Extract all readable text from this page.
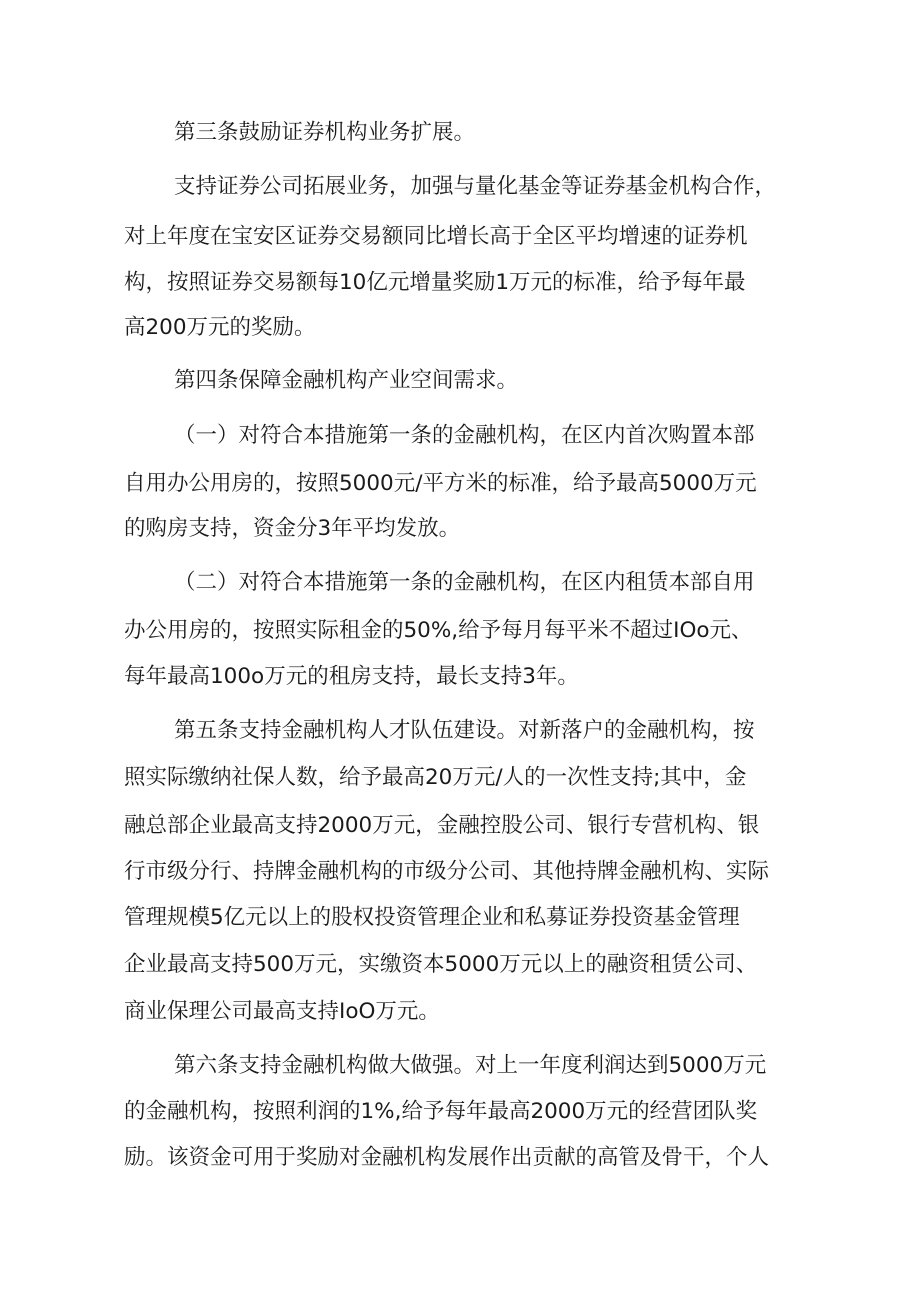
第三条鼓励证券机构业务扩展。

支持证券公司拓展业务，加强与量化基金等证券基金机构合作，

对上年度在宝安区证券交易额同比增长高于全区平均增速的证券机

构，按照证券交易额每10亿元增量奖励1万元的标准，给予每年最

高200万元的奖励。

第四条保障金融机构产业空间需求。

（一）对符合本措施第一条的金融机构，在区内首次购置本部

自用办公用房的，按照5000元/平方米的标准，给予最高5000万元

的购房支持，资金分3年平均发放。

（二）对符合本措施第一条的金融机构，在区内租赁本部自用

办公用房的，按照实际租金的50%,给予每月每平米不超过IOo元、

每年最高100o万元的租房支持，最长支持3年。

第五条支持金融机构人才队伍建设。对新落户的金融机构，按

照实际缴纳社保人数，给予最高20万元/人的一次性支持;其中，金

融总部企业最高支持2000万元，金融控股公司、银行专营机构、银

行市级分行、持牌金融机构的市级分公司、其他持牌金融机构、实际

管理规模5亿元以上的股权投资管理企业和私募证券投资基金管理

企业最高支持500万元，实缴资本5000万元以上的融资租赁公司、

商业保理公司最高支持IoO万元。

第六条支持金融机构做大做强。对上一年度利润达到5000万元

的金融机构，按照利润的1%,给予每年最高2000万元的经营团队奖

励。该资金可用于奖励对金融机构发展作出贡献的高管及骨干，个人
